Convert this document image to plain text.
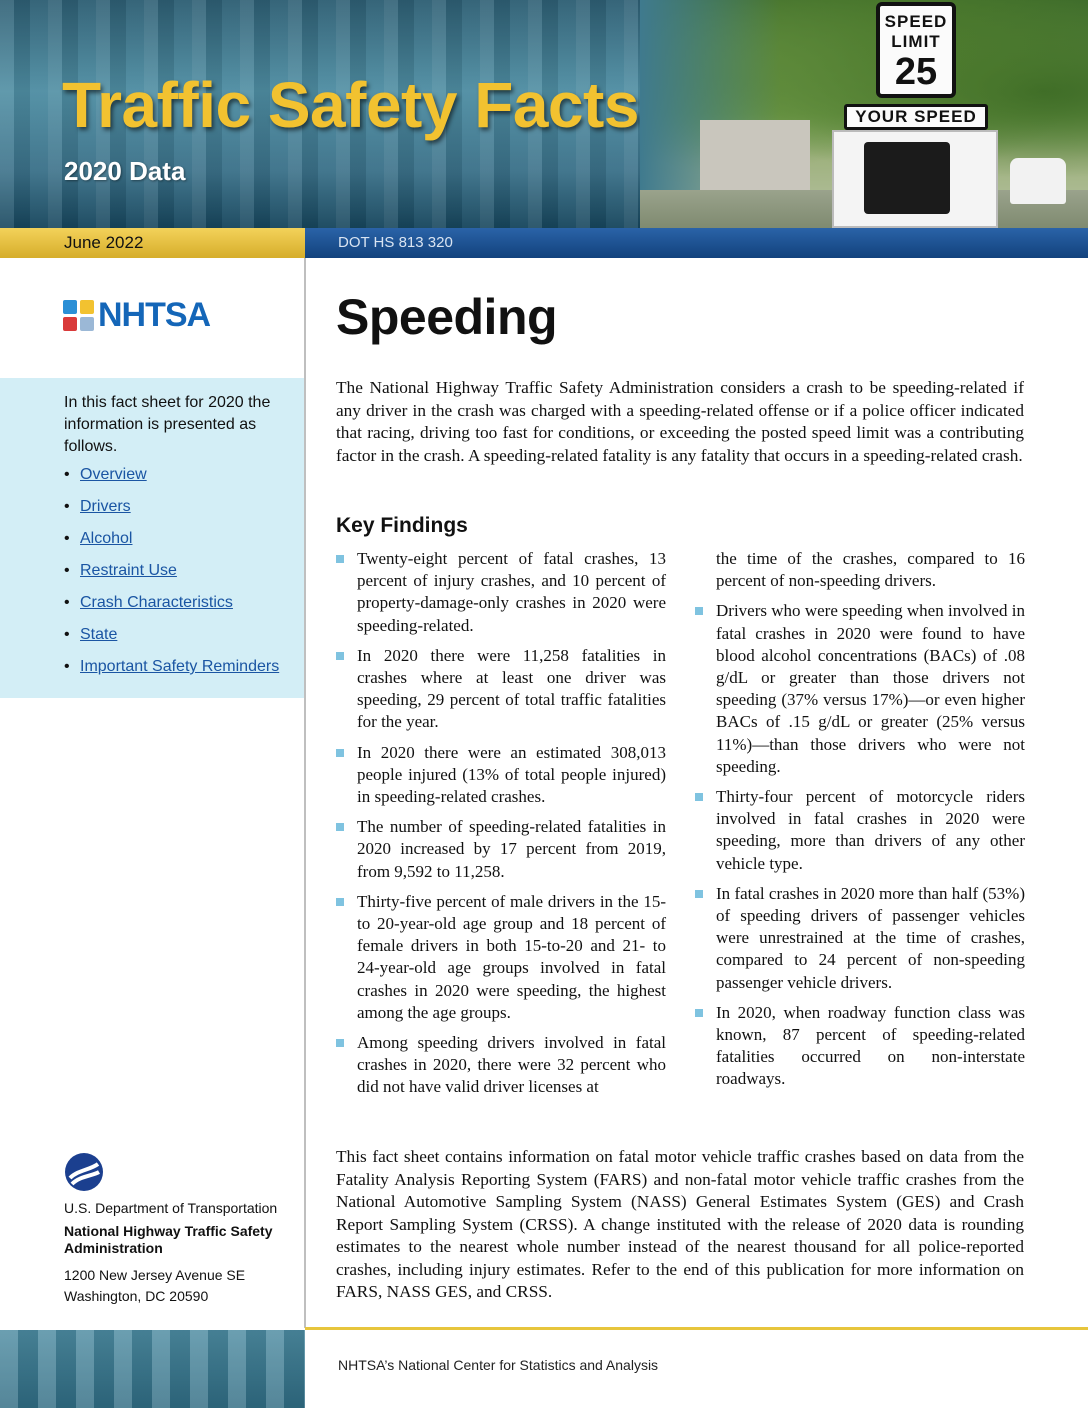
Traffic Safety Facts
2020 Data
SPEED
LIMIT
25
YOUR SPEED
June 2022	DOT HS 813 320
NHTSA
In this fact sheet for 2020 the information is presented as follows.
• Overview
• Drivers
• Alcohol
• Restraint Use
• Crash Characteristics
• State
• Important Safety Reminders
U.S. Department of Transportation
National Highway Traffic Safety Administration
1200 New Jersey Avenue SE
Washington, DC 20590
Speeding

The National Highway Traffic Safety Administration considers a crash to be speeding-related if any driver in the crash was charged with a speeding-related offense or if a police officer indicated that racing, driving too fast for conditions, or exceeding the posted speed limit was a contributing factor in the crash. A speeding-related fatality is any fatality that occurs in a speeding-related crash.

Key Findings
Twenty-eight percent of fatal crashes, 13 percent of injury crashes, and 10 percent of property-damage-only crashes in 2020 were speeding-related.
In 2020 there were 11,258 fatalities in crashes where at least one driver was speeding, 29 percent of total traffic fatalities for the year.
In 2020 there were an estimated 308,013 people injured (13% of total people injured) in speeding-related crashes.
The number of speeding-related fatalities in 2020 increased by 17 percent from 2019, from 9,592 to 11,258.
Thirty-five percent of male drivers in the 15- to 20-year-old age group and 18 percent of female drivers in both 15-to-20 and 21- to 24-year-old age groups involved in fatal crashes in 2020 were speeding, the highest among the age groups.
Among speeding drivers involved in fatal crashes in 2020, there were 32 percent who did not have valid driver licenses at
the time of the crashes, compared to 16 percent of non-speeding drivers.
Drivers who were speeding when involved in fatal crashes in 2020 were found to have blood alcohol concentrations (BACs) of .08 g/dL or greater than those drivers not speeding (37% versus 17%)—or even higher BACs of .15 g/dL or greater (25% versus 11%)—than those drivers who were not speeding.
Thirty-four percent of motorcycle riders involved in fatal crashes in 2020 were speeding, more than drivers of any other vehicle type.
In fatal crashes in 2020 more than half (53%) of speeding drivers of passenger vehicles were unrestrained at the time of crashes, compared to 24 percent of non-speeding passenger vehicle drivers.
In 2020, when roadway function class was known, 87 percent of speeding-related fatalities occurred on non-interstate roadways.

This fact sheet contains information on fatal motor vehicle traffic crashes based on data from the Fatality Analysis Reporting System (FARS) and non-fatal motor vehicle traffic crashes from the National Automotive Sampling System (NASS) General Estimates System (GES) and Crash Report Sampling System (CRSS). A change instituted with the release of 2020 data is rounding estimates to the nearest whole number instead of the nearest thousand for all police-reported crashes, including injury estimates. Refer to the end of this publication for more information on FARS, NASS GES, and CRSS.

NHTSA’s National Center for Statistics and Analysis
